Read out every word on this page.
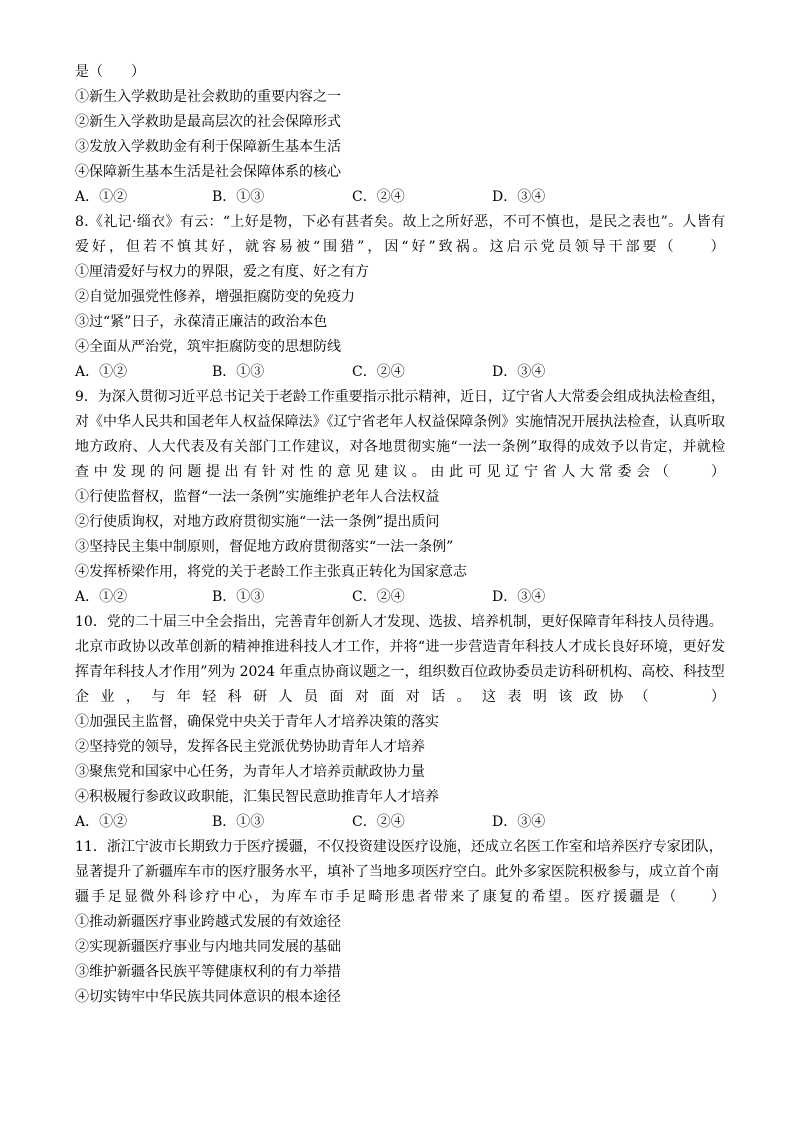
是（　　）
①新生入学救助是社会救助的重要内容之一
②新生入学救助是最高层次的社会保障形式
③发放入学救助金有利于保障新生基本生活
④保障新生基本生活是社会保障体系的核心
A．①②	B．①③	C．②④	D．③④
8.《礼记·缁衣》有云：“上好是物，下必有甚者矣。故上之所好恶，不可不慎也，是民之表也”。人皆有
爱好，但若不慎其好，就容易被“围猎”，因“好”致祸。这启示党员领导干部要（　　）
①厘清爱好与权力的界限，爱之有度、好之有方
②自觉加强党性修养，增强拒腐防变的免疫力
③过“紧”日子，永葆清正廉洁的政治本色
④全面从严治党，筑牢拒腐防变的思想防线
A．①②	B．①③	C．②④	D．③④
9．为深入贯彻习近平总书记关于老龄工作重要指示批示精神，近日，辽宁省人大常委会组成执法检查组，
对《中华人民共和国老年人权益保障法》《辽宁省老年人权益保障条例》实施情况开展执法检查，认真听取
地方政府、人大代表及有关部门工作建议，对各地贯彻实施“一法一条例”取得的成效予以肯定，并就检
查中发现的问题提出有针对性的意见建议。由此可见辽宁省人大常委会（　　）
①行使监督权，监督“一法一条例”实施维护老年人合法权益
②行使质询权，对地方政府贯彻实施“一法一条例”提出质问
③坚持民主集中制原则，督促地方政府贯彻落实“一法一条例”
④发挥桥梁作用，将党的关于老龄工作主张真正转化为国家意志
A．①②	B．①③	C．②④	D．③④
10．党的二十届三中全会指出，完善青年创新人才发现、选拔、培养机制，更好保障青年科技人员待遇。
北京市政协以改革创新的精神推进科技人才工作，并将“进一步营造青年科技人才成长良好环境，更好发
挥青年科技人才作用”列为 2024 年重点协商议题之一，组织数百位政协委员走访科研机构、高校、科技型
企业，与年轻科研人员面对面对话。这表明该政协（　　）
①加强民主监督，确保党中央关于青年人才培养决策的落实
②坚持党的领导，发挥各民主党派优势协助青年人才培养
③聚焦党和国家中心任务，为青年人才培养贡献政协力量
④积极履行参政议政职能，汇集民智民意助推青年人才培养
A．①②	B．①③	C．②④	D．③④
11．浙江宁波市长期致力于医疗援疆，不仅投资建设医疗设施，还成立名医工作室和培养医疗专家团队，
显著提升了新疆库车市的医疗服务水平，填补了当地多项医疗空白。此外多家医院积极参与，成立首个南
疆手足显微外科诊疗中心，为库车市手足畸形患者带来了康复的希望。医疗援疆是（　　）
①推动新疆医疗事业跨越式发展的有效途径
②实现新疆医疗事业与内地共同发展的基础
③维护新疆各民族平等健康权利的有力举措
④切实铸牢中华民族共同体意识的根本途径
